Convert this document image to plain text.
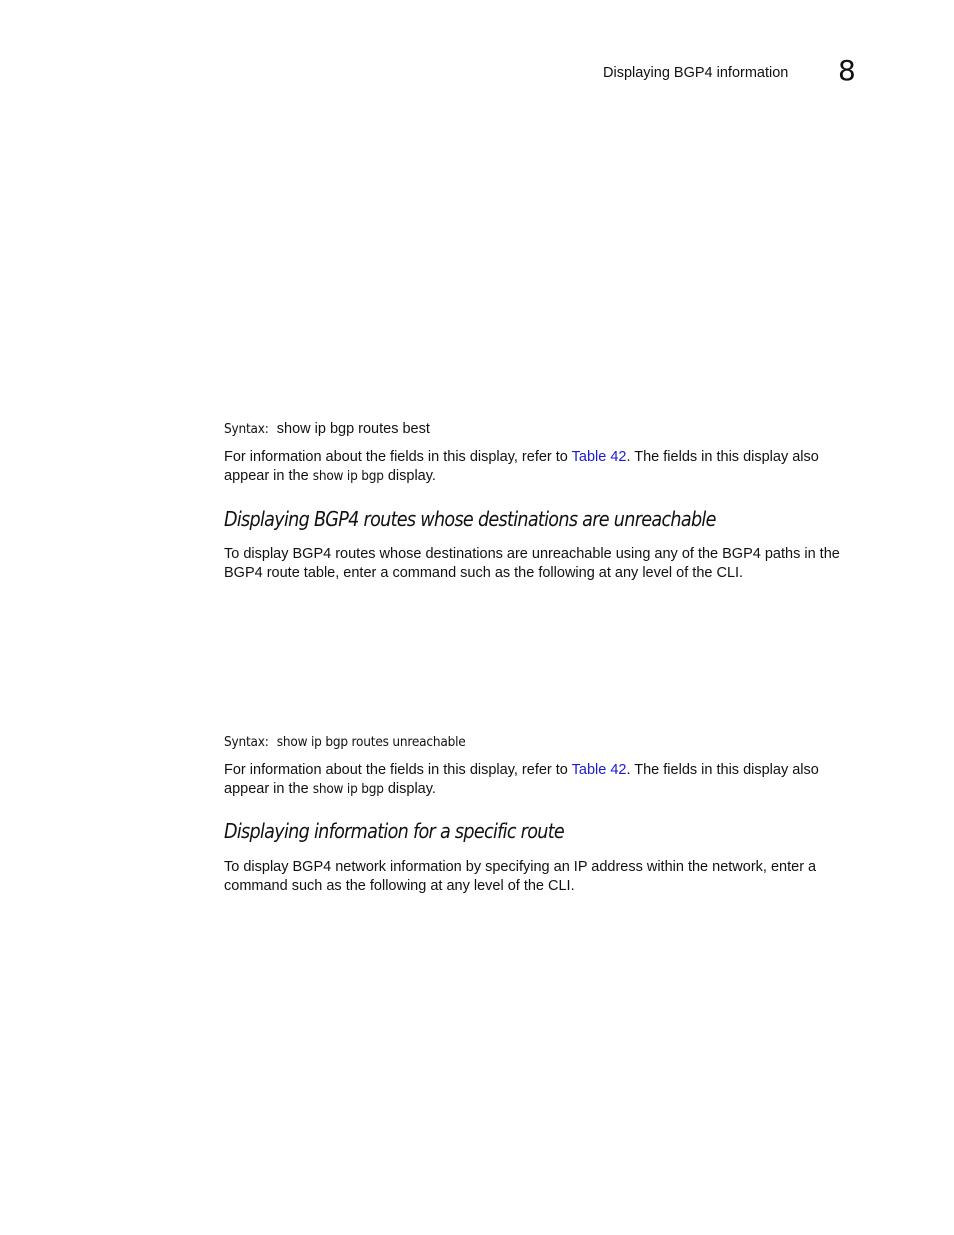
Displaying BGP4 information 8
Syntax: show ip bgp routes best
For information about the fields in this display, refer to Table 42. The fields in this display also appear in the show ip bgp display.
Displaying BGP4 routes whose destinations are unreachable
To display BGP4 routes whose destinations are unreachable using any of the BGP4 paths in the BGP4 route table, enter a command such as the following at any level of the CLI.
Syntax: show ip bgp routes unreachable
For information about the fields in this display, refer to Table 42. The fields in this display also appear in the show ip bgp display.
Displaying information for a specific route
To display BGP4 network information by specifying an IP address within the network, enter a command such as the following at any level of the CLI.
